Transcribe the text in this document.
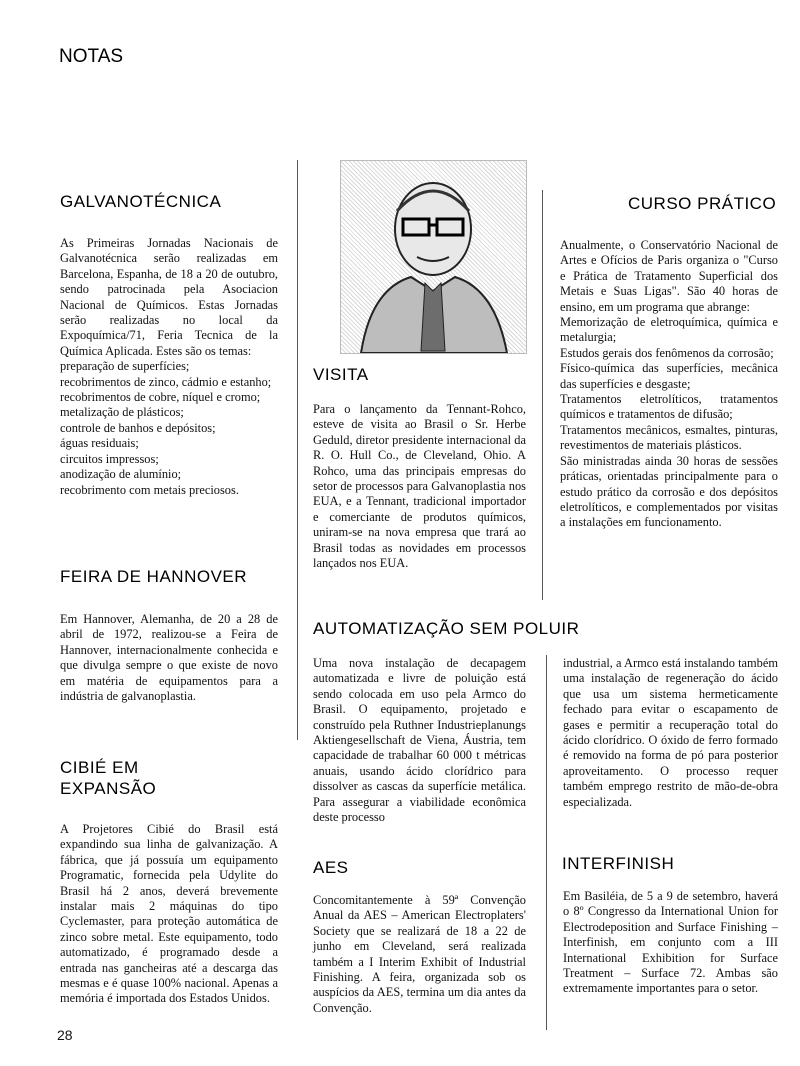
NOTAS
GALVANOTÉCNICA
As Primeiras Jornadas Nacionais de Galvanotécnica serão realizadas em Barcelona, Espanha, de 18 a 20 de outubro, sendo patrocinada pela Asociacion Nacional de Químicos. Estas Jornadas serão realizadas no local da Expoquímica/71, Feria Tecnica de la Química Aplicada. Estes são os temas:
preparação de superfícies;
recobrimentos de zinco, cádmio e estanho;
recobrimentos de cobre, níquel e cromo;
metalização de plásticos;
controle de banhos e depósitos;
águas residuais;
circuitos impressos;
anodização de alumínio;
recobrimento com metais preciosos.
FEIRA DE HANNOVER
Em Hannover, Alemanha, de 20 a 28 de abril de 1972, realizou-se a Feira de Hannover, internacionalmente conhecida e que divulga sempre o que existe de novo em matéria de equipamentos para a indústria de galvanoplastia.
CIBIÉ EM
EXPANSÃO
A Projetores Cibié do Brasil está expandindo sua linha de galvanização. A fábrica, que já possuía um equipamento Programatic, fornecida pela Udylite do Brasil há 2 anos, deverá brevemente instalar mais 2 máquinas do tipo Cyclemaster, para proteção automática de zinco sobre metal. Este equipamento, todo automatizado, é programado desde a entrada nas gancheiras até a descarga das mesmas e é quase 100% nacional. Apenas a memória é importada dos Estados Unidos.
28
VISITA
Para o lançamento da Tennant-Rohco, esteve de visita ao Brasil o Sr. Herbe Geduld, diretor presidente internacional da R. O. Hull Co., de Cleveland, Ohio. A Rohco, uma das principais empresas do setor de processos para Galvanoplastia nos EUA, e a Tennant, tradicional importador e comerciante de produtos químicos, uniram-se na nova empresa que trará ao Brasil todas as novidades em processos lançados nos EUA.
CURSO PRÁTICO
Anualmente, o Conservatório Nacional de Artes e Ofícios de Paris organiza o "Curso e Prática de Tratamento Superficial dos Metais e Suas Ligas". São 40 horas de ensino, em um programa que abrange:
Memorização de eletroquímica, química e metalurgia;
Estudos gerais dos fenômenos da corrosão;
Físico-química das superfícies, mecânica das superfícies e desgaste;
Tratamentos eletrolíticos, tratamentos químicos e tratamentos de difusão;
Tratamentos mecânicos, esmaltes, pinturas, revestimentos de materiais plásticos.
São ministradas ainda 30 horas de sessões práticas, orientadas principalmente para o estudo prático da corrosão e dos depósitos eletrolíticos, e complementados por visitas a instalações em funcionamento.
AUTOMATIZAÇÃO SEM POLUIR
Uma nova instalação de decapagem automatizada e livre de poluição está sendo colocada em uso pela Armco do Brasil. O equipamento, projetado e construído pela Ruthner Industrieplanungs Aktiengesellschaft de Viena, Áustria, tem capacidade de trabalhar 60 000 t métricas anuais, usando ácido clorídrico para dissolver as cascas da superfície metálica. Para assegurar a viabilidade econômica deste processo
industrial, a Armco está instalando também uma instalação de regeneração do ácido que usa um sistema hermeticamente fechado para evitar o escapamento de gases e permitir a recuperação total do ácido clorídrico. O óxido de ferro formado é removido na forma de pó para posterior aproveitamento. O processo requer também emprego restrito de mão-de-obra especializada.
AES
Concomitantemente à 59ª Convenção Anual da AES – American Electroplaters' Society que se realizará de 18 a 22 de junho em Cleveland, será realizada também a I Interim Exhibit of Industrial Finishing. A feira, organizada sob os auspícios da AES, termina um dia antes da Convenção.
INTERFINISH
Em Basiléia, de 5 a 9 de setembro, haverá o 8º Congresso da International Union for Electrodeposition and Surface Finishing – Interfinish, em conjunto com a III International Exhibition for Surface Treatment – Surface 72. Ambas são extremamente importantes para o setor.
